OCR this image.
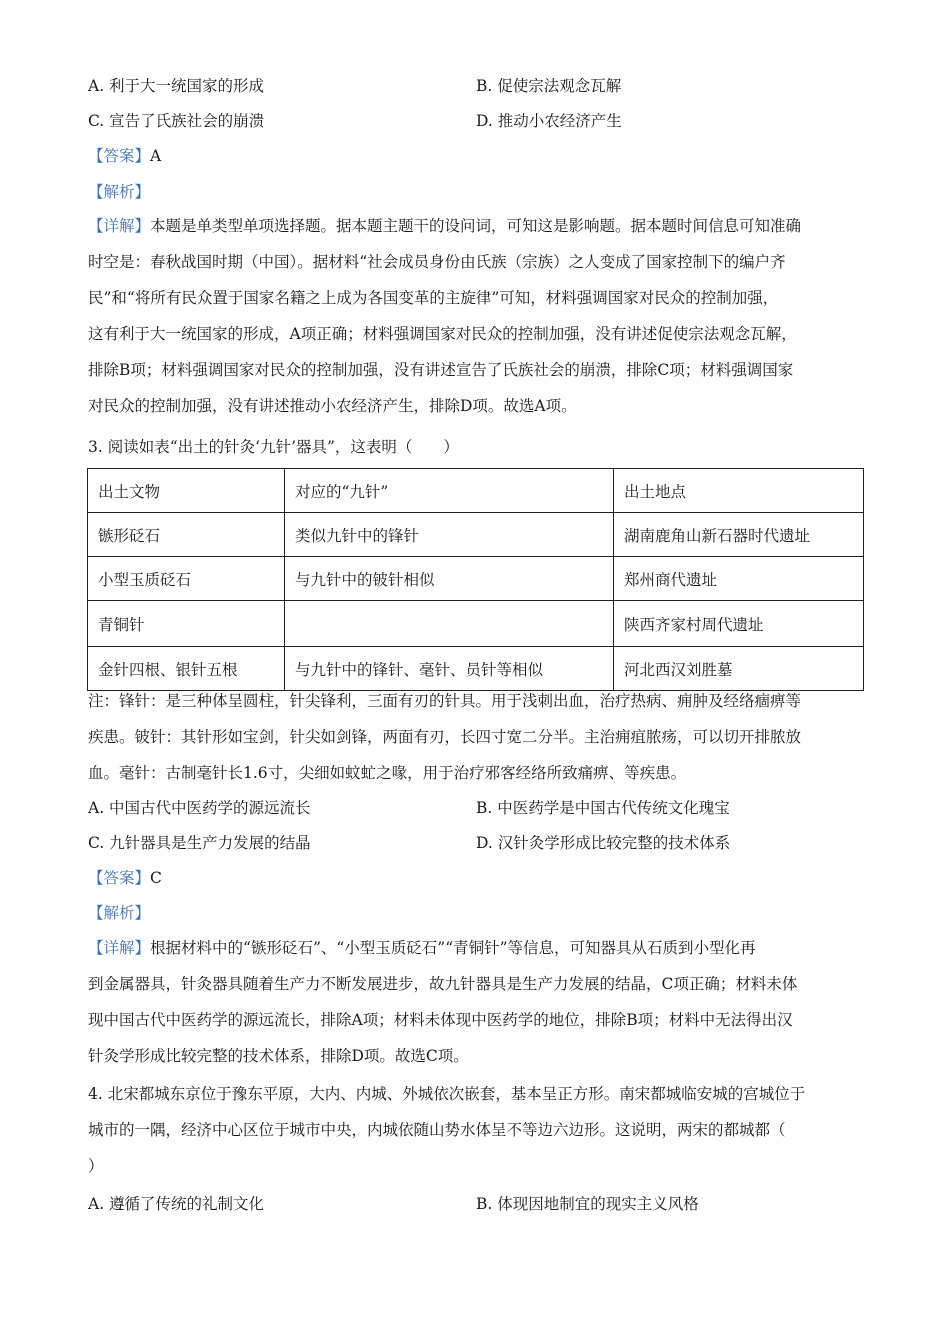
A. 利于大一统国家的形成	B. 促使宗法观念瓦解
C. 宣告了氏族社会的崩溃	D. 推动小农经济产生
【答案】A
【解析】
【详解】本题是单类型单项选择题。据本题主题干的设问词，可知这是影响题。据本题时间信息可知准确
时空是：春秋战国时期（中国）。据材料“社会成员身份由氏族（宗族）之人变成了国家控制下的编户齐
民”和“将所有民众置于国家名籍之上成为各国变革的主旋律”可知，材料强调国家对民众的控制加强，
这有利于大一统国家的形成，A项正确；材料强调国家对民众的控制加强，没有讲述促使宗法观念瓦解，
排除B项；材料强调国家对民众的控制加强，没有讲述宣告了氏族社会的崩溃，排除C项；材料强调国家
对民众的控制加强，没有讲述推动小农经济产生，排除D项。故选A项。
3. 阅读如表“出土的针灸‘九针’器具”，这表明（　　）
出土文物	对应的“九针”	出土地点
镞形砭石	类似九针中的锋针	湖南鹿角山新石器时代遗址
小型玉质砭石	与九针中的铍针相似	郑州商代遗址
青铜针		陕西齐家村周代遗址
金针四根、银针五根	与九针中的锋针、毫针、员针等相似	河北西汉刘胜墓
注：锋针：是三种体呈圆柱，针尖锋利，三面有刃的针具。用于浅刺出血，治疗热病、痈肿及经络痼痹等
疾患。铍针：其针形如宝剑，针尖如剑锋，两面有刃，长四寸宽二分半。主治痈疽脓疡，可以切开排脓放
血。毫针：古制毫针长1.6寸，尖细如蚊虻之喙，用于治疗邪客经络所致痛痹、等疾患。
A. 中国古代中医药学的源远流长	B. 中医药学是中国古代传统文化瑰宝
C. 九针器具是生产力发展的结晶	D. 汉针灸学形成比较完整的技术体系
【答案】C
【解析】
【详解】根据材料中的“镞形砭石”、“小型玉质砭石”“青铜针”等信息，可知器具从石质到小型化再
到金属器具，针灸器具随着生产力不断发展进步，故九针器具是生产力发展的结晶，C项正确；材料未体
现中国古代中医药学的源远流长，排除A项；材料未体现中医药学的地位，排除B项；材料中无法得出汉
针灸学形成比较完整的技术体系，排除D项。故选C项。
4. 北宋都城东京位于豫东平原，大内、内城、外城依次嵌套，基本呈正方形。南宋都城临安城的宫城位于
城市的一隅，经济中心区位于城市中央，内城依随山势水体呈不等边六边形。这说明，两宋的都城都（
）
A. 遵循了传统的礼制文化	B. 体现因地制宜的现实主义风格
